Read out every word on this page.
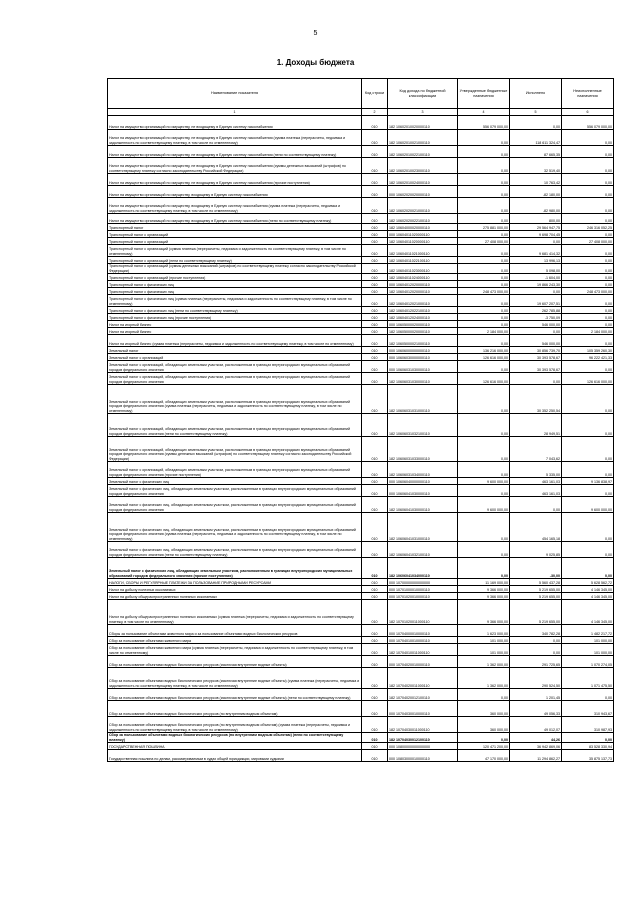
5
1. Доходы бюджета
Наименование показателя	Код строки	Код дохода по бюджетной классификации	Утвержденные бюджетные назначения	Исполнено	Неисполненные назначения
1	2	3	4	5	6
Налог на имущество организаций по имуществу, не входящему в Единую систему газоснабжения	010	182 10602010020000110	556 079 000,00	0,00	556 079 000,00
Налог на имущество организаций по имуществу, не входящему в Единую систему газоснабжения (сумма платежа (перерасчеты, недоимка и задолженность по соответствующему платежу, в том числе по отмененному)	010	182 10602010021000110	0,00	118 611 324,47	0,00
Налог на имущество организаций по имуществу, не входящему в Единую систему газоснабжения (пени по соответствующему платежу)	010	182 10602010022100110	0,00	87 665,35	0,00
Налог на имущество организаций по имуществу, не входящему в Единую систему газоснабжения (суммы денежных взысканий (штрафов) по соответствующему платежу согласно законодательству Российской Федерации)	010	182 10602010023000110	0,00	32 519,40	0,00
Налог на имущество организаций по имуществу, не входящему в Единую систему газоснабжения (прочие поступления)	010	182 10602010024000110	0,00	10 763,42	0,00
Налог на имущество организаций по имуществу, входящему в Единую систему газоснабжения	010	000 10602020020000110	0,00	-82 180,00	0,00
Налог на имущество организаций по имуществу, входящему в Единую систему газоснабжения (сумма платежа (перерасчеты, недоимка и задолженность по соответствующему платежу, в том числе по отмененному)	010	182 10602020021000110	0,00	-82 980,00	0,00
Налог на имущество организаций по имуществу, входящему в Единую систему газоснабжения (пени по соответствующему платежу)	010	182 10602020022100110	0,00	800,00	0,00
Транспортный налог	010	182 10604000020000110	275 881 000,00	29 564 947,75	246 316 052,25
Транспортный налог с организаций	010	000 10604011020000110	0,00	9 698 704,45	0,00
Транспортный налог с организаций	010	182 10604011020000110	27 408 000,00	0,00	27 408 000,00
Транспортный налог с организаций (сумма платежа (перерасчеты, недоимка и задолженность по соответствующему платежу, в том числе по отмененному)	010	182 10604011021000110	0,00	9 681 414,32	0,00
Транспортный налог с организаций (пени по соответствующему платежу)	010	182 10604011022100110	0,00	13 996,13	0,00
Транспортный налог с организаций (суммы денежных взысканий (штрафов) по соответствующему платежу согласно законодательству Российской Федерации)	010	182 10604011023000110	0,00	5 098,00	0,00
Транспортный налог с организаций (прочие поступления)	010	182 10604011024000110	0,00	-1 604,00	0,00
Транспортный налог с физических лиц	010	000 10604012020000110	0,00	19 866 243,30	0,00
Транспортный налог с физических лиц	010	182 10604012020000110	248 473 000,00	0,00	248 473 000,00
Транспортный налог с физических лиц (сумма платежа (перерасчеты, недоимка и задолженность по соответствующему платежу, в том числе по отмененному)	010	182 10604012021000110	0,00	19 607 207,51	0,00
Транспортный налог с физических лиц (пени по соответствующему платежу)	010	182 10604012022100110	0,00	262 785,88	0,00
Транспортный налог с физических лиц (прочие поступления)	010	182 10604012024000110	0,00	-3 750,09	0,00
Налог на игорный бизнес	010	000 10605000020000110	0,00	546 000,00	0,00
Налог на игорный бизнес	010	182 10605000020000110	2 184 000,00	0,00	2 184 000,00
Налог на игорный бизнес (сумма платежа (перерасчеты, недоимка и задолженность по соответствующему платежу, в том числе по отмененному)	010	182 10605000021000110	0,00	546 000,00	0,00
Земельный налог	010	000 10606000000000110	136 216 000,00	30 856 739,70	105 359 260,30
Земельный налог с организаций	010	000 10606030000000110	126 616 000,00	30 393 578,67	96 222 421,33
Земельный налог с организаций, обладающих земельным участком, расположенным в границах внутригородских муниципальных образований городов федерального значения	010	000 10606031030000110	0,00	30 393 578,67	0,00
Земельный налог с организаций, обладающих земельным участком, расположенным в границах внутригородских муниципальных образований городов федерального значения	010	182 10606031030000110	126 616 000,00	0,00	126 616 000,00
Земельный налог с организаций, обладающих земельным участком, расположенным в границах внутригородских муниципальных образований городов федерального значения (сумма платежа (перерасчеты, недоимка и задолженность по соответствующему платежу, в том числе по отмененному)	010	182 10606031031000110	0,00	30 352 250,54	0,00
Земельный налог с организаций, обладающих земельным участком, расположенным в границах внутригородских муниципальных образований городов федерального значения (пени по соответствующему платежу)	010	182 10606031032100110	0,00	28 949,51	0,00
Земельный налог с организаций, обладающих земельным участком, расположенным в границах внутригородских муниципальных образований городов федерального значения (суммы денежных взысканий (штрафов) по соответствующему платежу согласно законодательству Российской Федерации)	010	182 10606031033000110	0,00	7 043,62	0,00
Земельный налог с организаций, обладающих земельным участком, расположенным в границах внутригородских муниципальных образований городов федерального значения (прочие поступления)	010	182 10606031034000110	0,00	5 335,00	0,00
Земельный налог с физических лиц	010	000 10606040000000110	9 600 000,00	463 161,03	9 136 838,97
Земельный налог с физических лиц, обладающих земельным участком, расположенным в границах внутригородских муниципальных образований городов федерального значения	010	000 10606041030000110	0,00	463 161,03	0,00
Земельный налог с физических лиц, обладающих земельным участком, расположенным в границах внутригородских муниципальных образований городов федерального значения	010	182 10606041030000110	9 600 000,00	0,00	9 600 000,00
Земельный налог с физических лиц, обладающих земельным участком, расположенным в границах внутригородских муниципальных образований городов федерального значения (сумма платежа (перерасчеты, недоимка и задолженность по соответствующему платежу, в том числе по отмененному)	010	182 10606041031000110	0,00	454 165,18	0,00
Земельный налог с физических лиц, обладающих земельным участком, расположенным в границах внутригородских муниципальных образований городов федерального значения (пени по соответствующему платежу)	010	182 10606041032100110	0,00	9 025,85	0,00
Земельный налог с физических лиц, обладающих земельным участком, расположенным в границах внутригородских муниципальных образований городов федерального значения (прочие поступления)	010	182 10606041034000110	0,00	-30,00	0,00
НАЛОГИ, СБОРЫ И РЕГУЛЯРНЫЕ ПЛАТЕЖИ ЗА ПОЛЬЗОВАНИЕ ПРИРОДНЫМИ РЕСУРСАМИ	010	000 10700000000000000	11 169 000,00	5 560 437,28	5 628 562,72
Налог на добычу полезных ископаемых	010	000 10701000010000110	9 366 000,00	5 219 655,00	4 146 345,00
Налог на добычу общераспространенных полезных ископаемых	010	000 10701020010000110	9 366 000,00	5 219 655,00	4 146 345,00
Налог на добычу общераспространенных полезных ископаемых (сумма платежа (перерасчеты, недоимка и задолженность по соответствующему платежу, в том числе по отмененному)	010	182 10701020011000110	9 366 000,00	5 219 655,00	4 146 345,00
Сборы за пользование объектами животного мира и за пользование объектами водных биологических ресурсов	010	000 10704000010000110	1 623 000,00	340 782,28	1 482 217,72
Сбор за пользование объектами животного мира	010	000 10704010010000110	101 000,00	0,00	101 000,00
Сбор за пользование объектами животного мира (сумма платежа (перерасчеты, недоимка и задолженность по соответствующему платежу, в том числе по отмененному)	010	182 10704010011000110	101 000,00	0,00	101 000,00
Сбор за пользование объектами водных биологических ресурсов (исключая внутренние водные объекты)	010	000 10704020010000110	1 362 000,00	291 725,65	1 070 274,05
Сбор за пользование объектами водных биологических ресурсов (исключая внутренние водные объекты) (сумма платежа (перерасчеты, недоимка и задолженность по соответствующему платежу, в том числе по отмененному)	010	182 10704020011000110	1 362 000,00	290 524,50	1 071 475,50
Сбор за пользование объектами водных биологических ресурсов (исключая внутренние водные объекты) (пени по соответствующему платежу)	010	182 10704020012100110	0,00	1 201,45	0,00
Сбор за пользование объектами водных биологических ресурсов (по внутренним водным объектам)	010	000 10704030010000110	360 000,00	49 056,33	310 943,67
Сбор за пользование объектами водных биологических ресурсов (по внутренним водным объектам) (сумма платежа (перерасчеты, недоимка и задолженность по соответствующему платежу, в том числе по отмененному)	010	182 10704030011000110	360 000,00	49 012,07	310 987,93
Сбор за пользование объектами водных биологических ресурсов (по внутренним водным объектам) (пени по соответствующему платежу)	010	182 10704030012100110	0,00	44,26	0,00
ГОСУДАРСТВЕННАЯ ПОШЛИНА	010	000 10800000000000000	120 471 200,00	36 942 869,06	83 528 330,94
Государственная пошлина по делам, рассматриваемым в судах общей юрисдикции, мировыми судьями	010	000 10803000010000110	47 170 000,00	11 294 862,27	35 875 137,73
